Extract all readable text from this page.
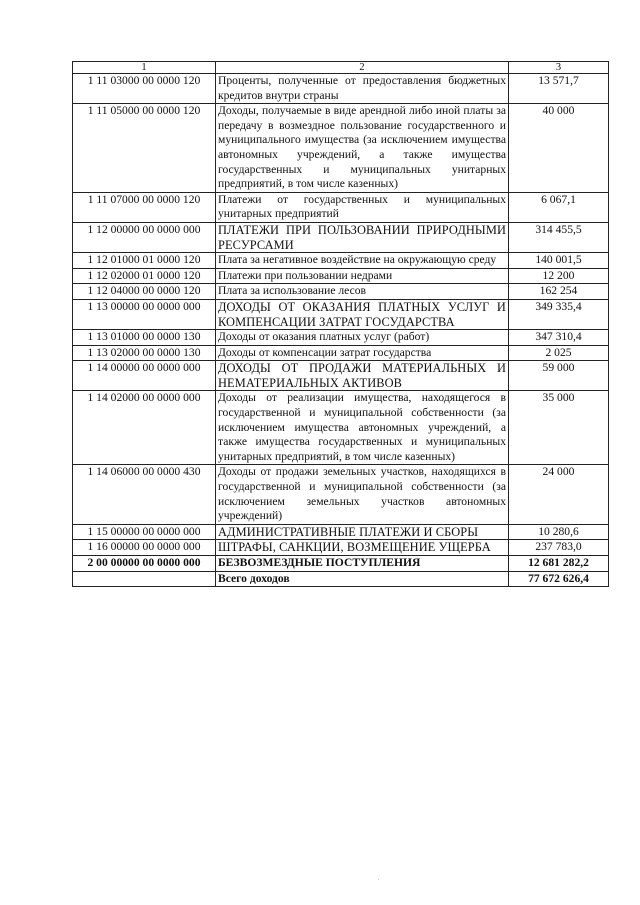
1	2	3
1 11 03000 00 0000 120	Проценты, полученные от предоставления бюджетных кредитов внутри страны	13 571,7
1 11 05000 00 0000 120	Доходы, получаемые в виде арендной либо иной платы за передачу в возмездное пользование государственного и муниципального имущества (за исключением имущества автономных учреждений, а также имущества государственных и муниципальных унитарных предприятий, в том числе казенных)	40 000
1 11 07000 00 0000 120	Платежи от государственных и муниципальных унитарных предприятий	6 067,1
1 12 00000 00 0000 000	ПЛАТЕЖИ ПРИ ПОЛЬЗОВАНИИ ПРИРОДНЫМИ РЕСУРСАМИ	314 455,5
1 12 01000 01 0000 120	Плата за негативное воздействие на окружающую среду	140 001,5
1 12 02000 01 0000 120	Платежи при пользовании недрами	12 200
1 12 04000 00 0000 120	Плата за использование лесов	162 254
1 13 00000 00 0000 000	ДОХОДЫ ОТ ОКАЗАНИЯ ПЛАТНЫХ УСЛУГ И КОМПЕНСАЦИИ ЗАТРАТ ГОСУДАРСТВА	349 335,4
1 13 01000 00 0000 130	Доходы от оказания платных услуг (работ)	347 310,4
1 13 02000 00 0000 130	Доходы от компенсации затрат государства	2 025
1 14 00000 00 0000 000	ДОХОДЫ ОТ ПРОДАЖИ МАТЕРИАЛЬНЫХ И НЕМАТЕРИАЛЬНЫХ АКТИВОВ	59 000
1 14 02000 00 0000 000	Доходы от реализации имущества, находящегося в государственной и муниципальной собственности (за исключением имущества автономных учреждений, а также имущества государственных и муниципальных унитарных предприятий, в том числе казенных)	35 000
1 14 06000 00 0000 430	Доходы от продажи земельных участков, находящихся в государственной и муниципальной собственности (за исключением земельных участков автономных учреждений)	24 000
1 15 00000 00 0000 000	АДМИНИСТРАТИВНЫЕ ПЛАТЕЖИ И СБОРЫ	10 280,6
1 16 00000 00 0000 000	ШТРАФЫ, САНКЦИИ, ВОЗМЕЩЕНИЕ УЩЕРБА	237 783,0
2 00 00000 00 0000 000	БЕЗВОЗМЕЗДНЫЕ ПОСТУПЛЕНИЯ	12 681 282,2
	Всего доходов	77 672 626,4
.
